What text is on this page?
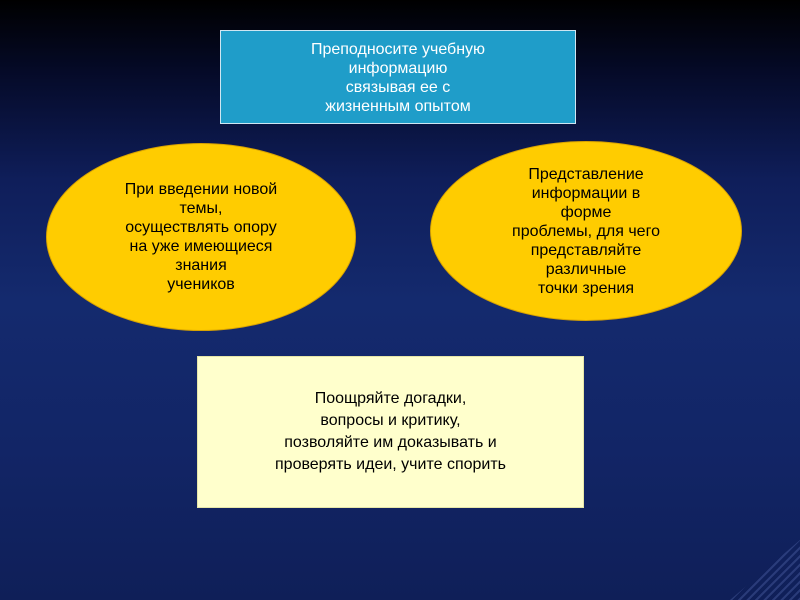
Преподносите учебную
информацию
связывая ее с
жизненным опытом
При введении новой
темы,
осуществлять опору
на уже имеющиеся
знания
учеников
Представление
информации в
форме
проблемы, для чего
представляйте
различные
точки зрения
Поощряйте догадки,
вопросы и критику,
позволяйте им доказывать и
проверять идеи, учите спорить
